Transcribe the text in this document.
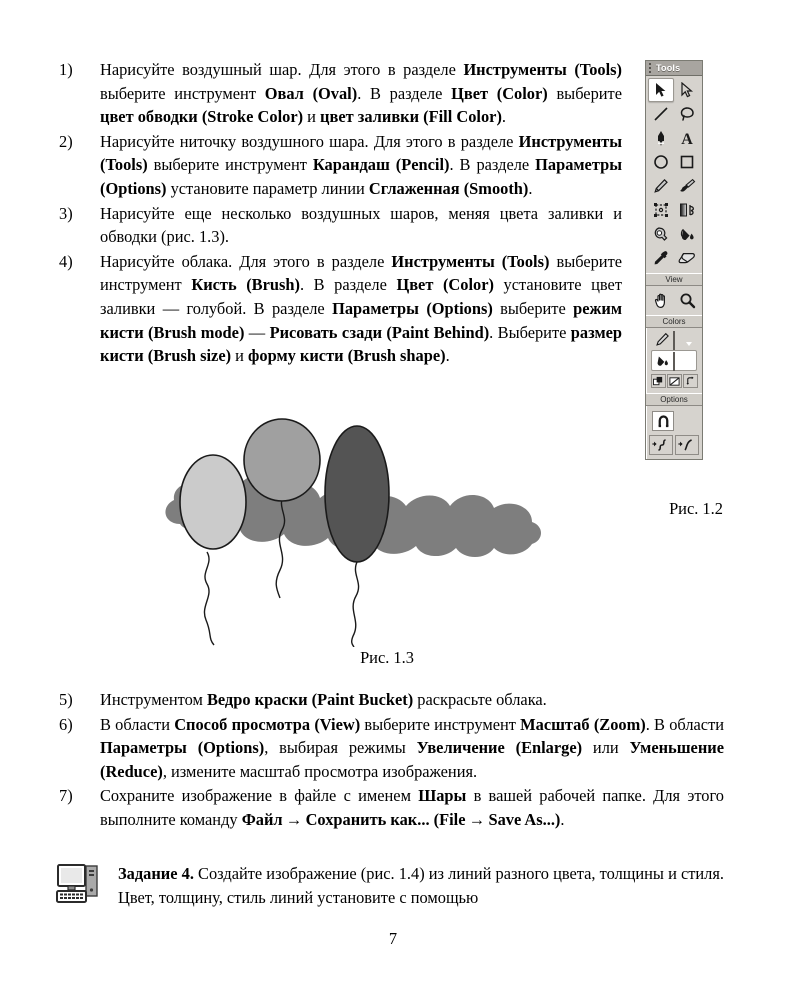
1)	Нарисуйте воздушный шар. Для этого в разделе Инструменты (Tools) выберите инструмент Овал (Oval). В разделе Цвет (Color) выберите цвет обводки (Stroke Color) и цвет заливки (Fill Color).
2)	Нарисуйте ниточку воздушного шара. Для этого в разделе Инструменты (Tools) выберите инструмент Карандаш (Pencil). В разделе Параметры (Options) установите параметр линии Сглаженная (Smooth).
3)	Нарисуйте еще несколько воздушных шаров, меняя цвета заливки и обводки (рис. 1.3).
4)	Нарисуйте облака. Для этого в разделе Инструменты (Tools) выберите инструмент Кисть (Brush). В разделе Цвет (Color) установите цвет заливки — голубой. В разделе Параметры (Options) выберите режим кисти (Brush mode) — Рисовать сзади (Paint Behind). Выберите размер кисти (Brush size) и форму кисти (Brush shape).
Рис. 1.3
Рис. 1.2
5)	Инструментом Ведро краски (Paint Bucket) раскрасьте облака.
6)	В области Способ просмотра (View) выберите инструмент Масштаб (Zoom). В области Параметры (Options), выбирая режимы Увеличение (Enlarge) или Уменьшение (Reduce), измените масштаб просмотра изображения.
7)	Сохраните изображение в файле с именем Шары в вашей рабочей папке. Для этого выполните команду Файл → Сохранить как... (File → Save As...).
Задание 4. Создайте изображение (рис. 1.4) из линий разного цвета, толщины и стиля. Цвет, толщину, стиль линий установите с помощью
7
Tools
A
View
Colors
Options
